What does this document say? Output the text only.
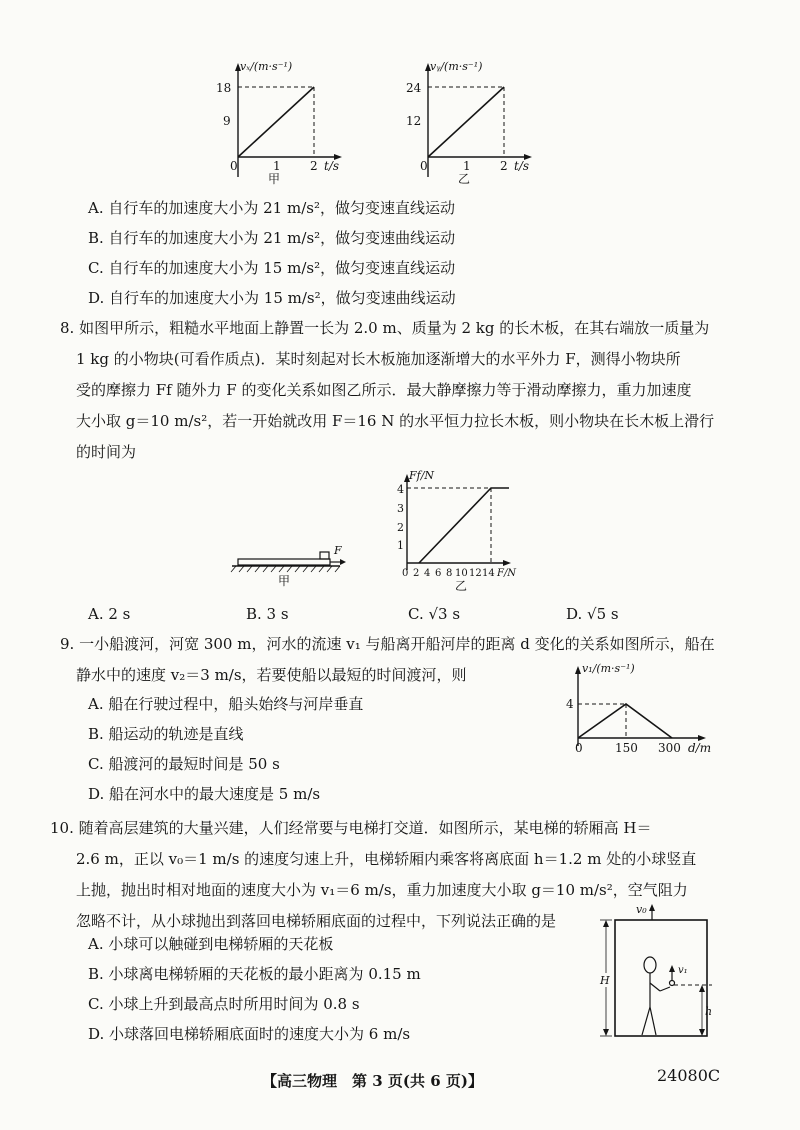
vₓ/(m·s⁻¹)
18
9
0	1 2 t/s
甲
vᵧ/(m·s⁻¹)
24
12
0	1 2 t/s
乙
A. 自行车的加速度大小为 21 m/s²，做匀变速直线运动
B. 自行车的加速度大小为 21 m/s²，做匀变速曲线运动
C. 自行车的加速度大小为 15 m/s²，做匀变速直线运动
D. 自行车的加速度大小为 15 m/s²，做匀变速曲线运动
8. 如图甲所示，粗糙水平地面上静置一长为 2.0 m、质量为 2 kg 的长木板，在其右端放一质量为
1 kg 的小物块(可看作质点)．某时刻起对长木板施加逐渐增大的水平外力 F，测得小物块所
受的摩擦力 Ff 随外力 F 的变化关系如图乙所示．最大静摩擦力等于滑动摩擦力，重力加速度
大小取 g＝10 m/s²，若一开始就改用 F＝16 N 的水平恒力拉长木板，则小物块在长木板上滑行
的时间为
F
甲
Ff/N
4
3
2
1
0 2 4 6 8 10 12 14 F/N
乙
A. 2 s	B. 3 s	C. √3 s	D. √5 s
9. 一小船渡河，河宽 300 m，河水的流速 v₁ 与船离开船河岸的距离 d 变化的关系如图所示，船在
静水中的速度 v₂＝3 m/s，若要使船以最短的时间渡河，则
A. 船在行驶过程中，船头始终与河岸垂直
B. 船运动的轨迹是直线
C. 船渡河的最短时间是 50 s
D. 船在河水中的最大速度是 5 m/s
v₁/(m·s⁻¹)
4
0	150 300 d/m
10. 随着高层建筑的大量兴建，人们经常要与电梯打交道．如图所示，某电梯的轿厢高 H＝
2.6 m，正以 v₀＝1 m/s 的速度匀速上升，电梯轿厢内乘客将离底面 h＝1.2 m 处的小球竖直
上抛，抛出时相对地面的速度大小为 v₁＝6 m/s，重力加速度大小取 g＝10 m/s²，空气阻力
忽略不计，从小球抛出到落回电梯轿厢底面的过程中，下列说法正确的是
A. 小球可以触碰到电梯轿厢的天花板
B. 小球离电梯轿厢的天花板的最小距离为 0.15 m
C. 小球上升到最高点时所用时间为 0.8 s
D. 小球落回电梯轿厢底面时的速度大小为 6 m/s
v₀
H
v₁
h
【高三物理　第 3 页(共 6 页)】	24080C
